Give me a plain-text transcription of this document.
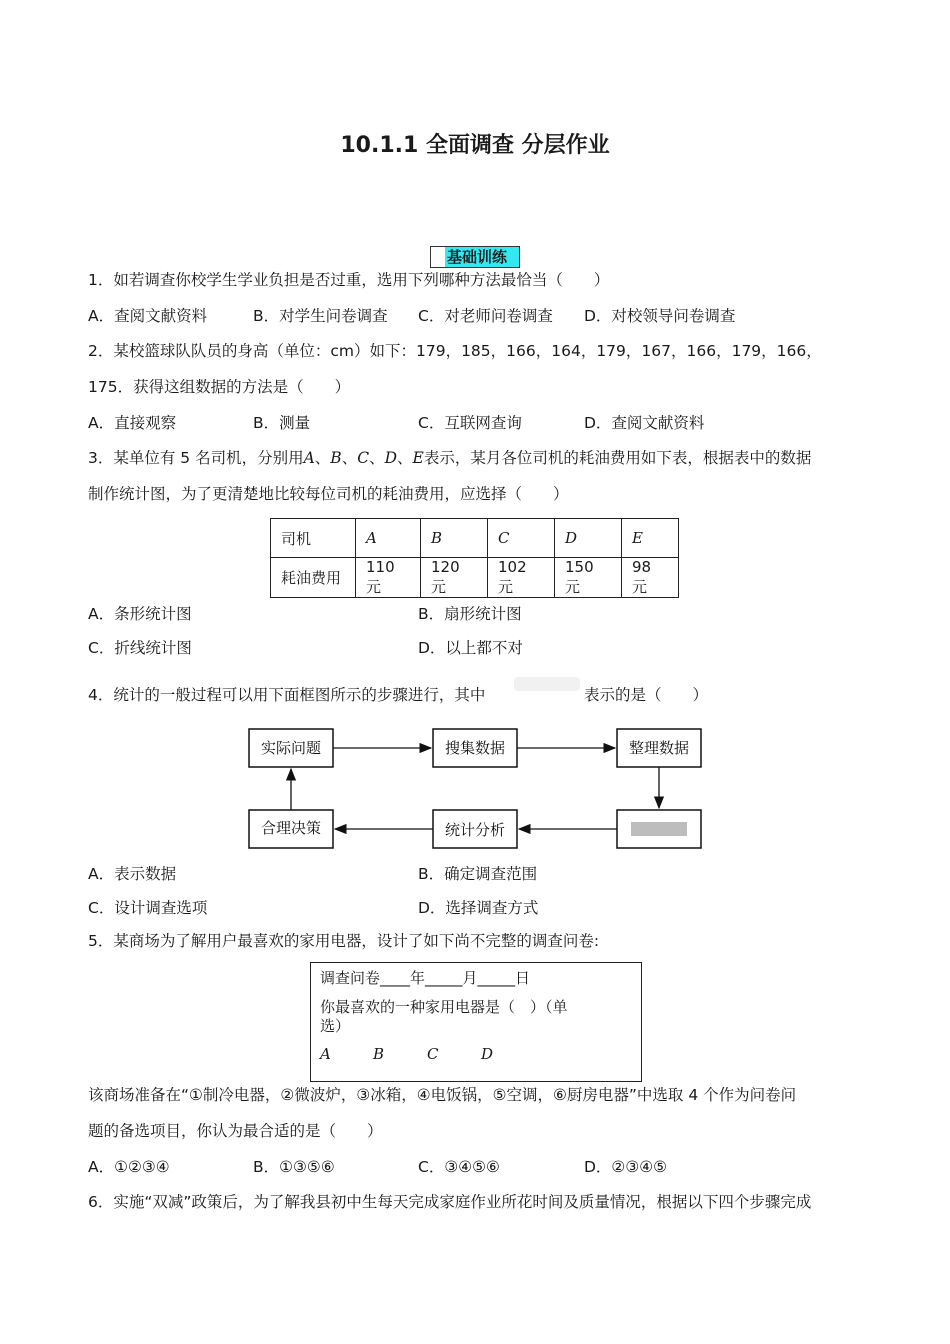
10.1.1 全面调查 分层作业
基础训练
1．如若调查你校学生学业负担是否过重，选用下列哪种方法最恰当（　　）
A．查阅文献资料	B．对学生问卷调查 C．对老师问卷调查 D．对校领导问卷调查
2．某校篮球队队员的身高（单位：cm）如下：179，185，166，164，179，167，166，179，166，
175．获得这组数据的方法是（　　）
A．直接观察	B．测量	C．互联网查询	D．查阅文献资料
3．某单位有 5 名司机，分别用A、B、C、D、E表示，某月各位司机的耗油费用如下表，根据表中的数据
制作统计图，为了更清楚地比较每位司机的耗油费用，应选择（　　）
司机	A	B	C	D	E
耗油费用	110 元	120 元	102 元	150 元	98 元
A．条形统计图	B．扇形统计图
C．折线统计图	D．以上都不对
4．统计的一般过程可以用下面框图所示的步骤进行，其中	表示的是（　　）
实际问题	搜集数据	整理数据
统计分析
合理决策
A．表示数据	B．确定调查范围
C．设计调查选项	D．选择调查方式
5．某商场为了解用户最喜欢的家用电器，设计了如下尚不完整的调查问卷:
调查问卷____年_____月_____日
你最喜欢的一种家用电器是（　）（单
选）
A	B	C	D
该商场准备在“①制冷电器，②微波炉，③冰箱，④电饭锅，⑤空调，⑥厨房电器”中选取 4 个作为问卷问
题的备选项目，你认为最合适的是（　　）
A．①②③④	B．①③⑤⑥	C．③④⑤⑥	D．②③④⑤
6．实施“双减”政策后，为了解我县初中生每天完成家庭作业所花时间及质量情况，根据以下四个步骤完成
